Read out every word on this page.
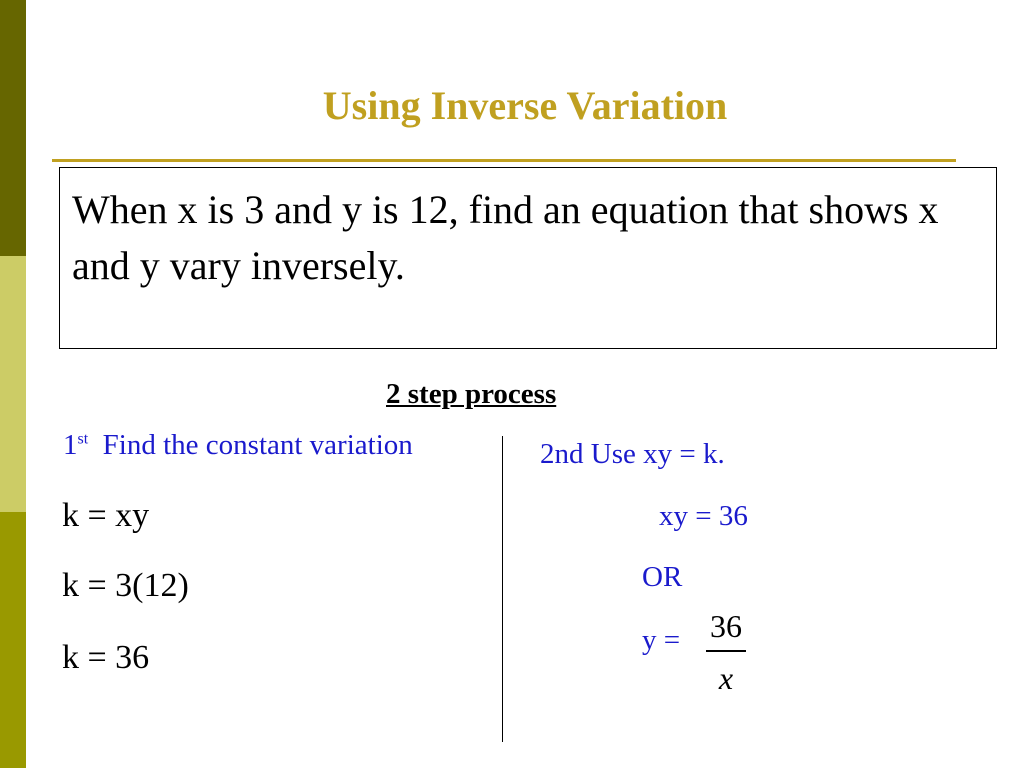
Using Inverse Variation
When x is 3 and y is 12, find an equation that shows x and y vary inversely.
2 step process
1st Find the constant variation
k = xy
k = 3(12)
k = 36
2nd Use xy = k.
xy = 36
OR
y = 36
x
